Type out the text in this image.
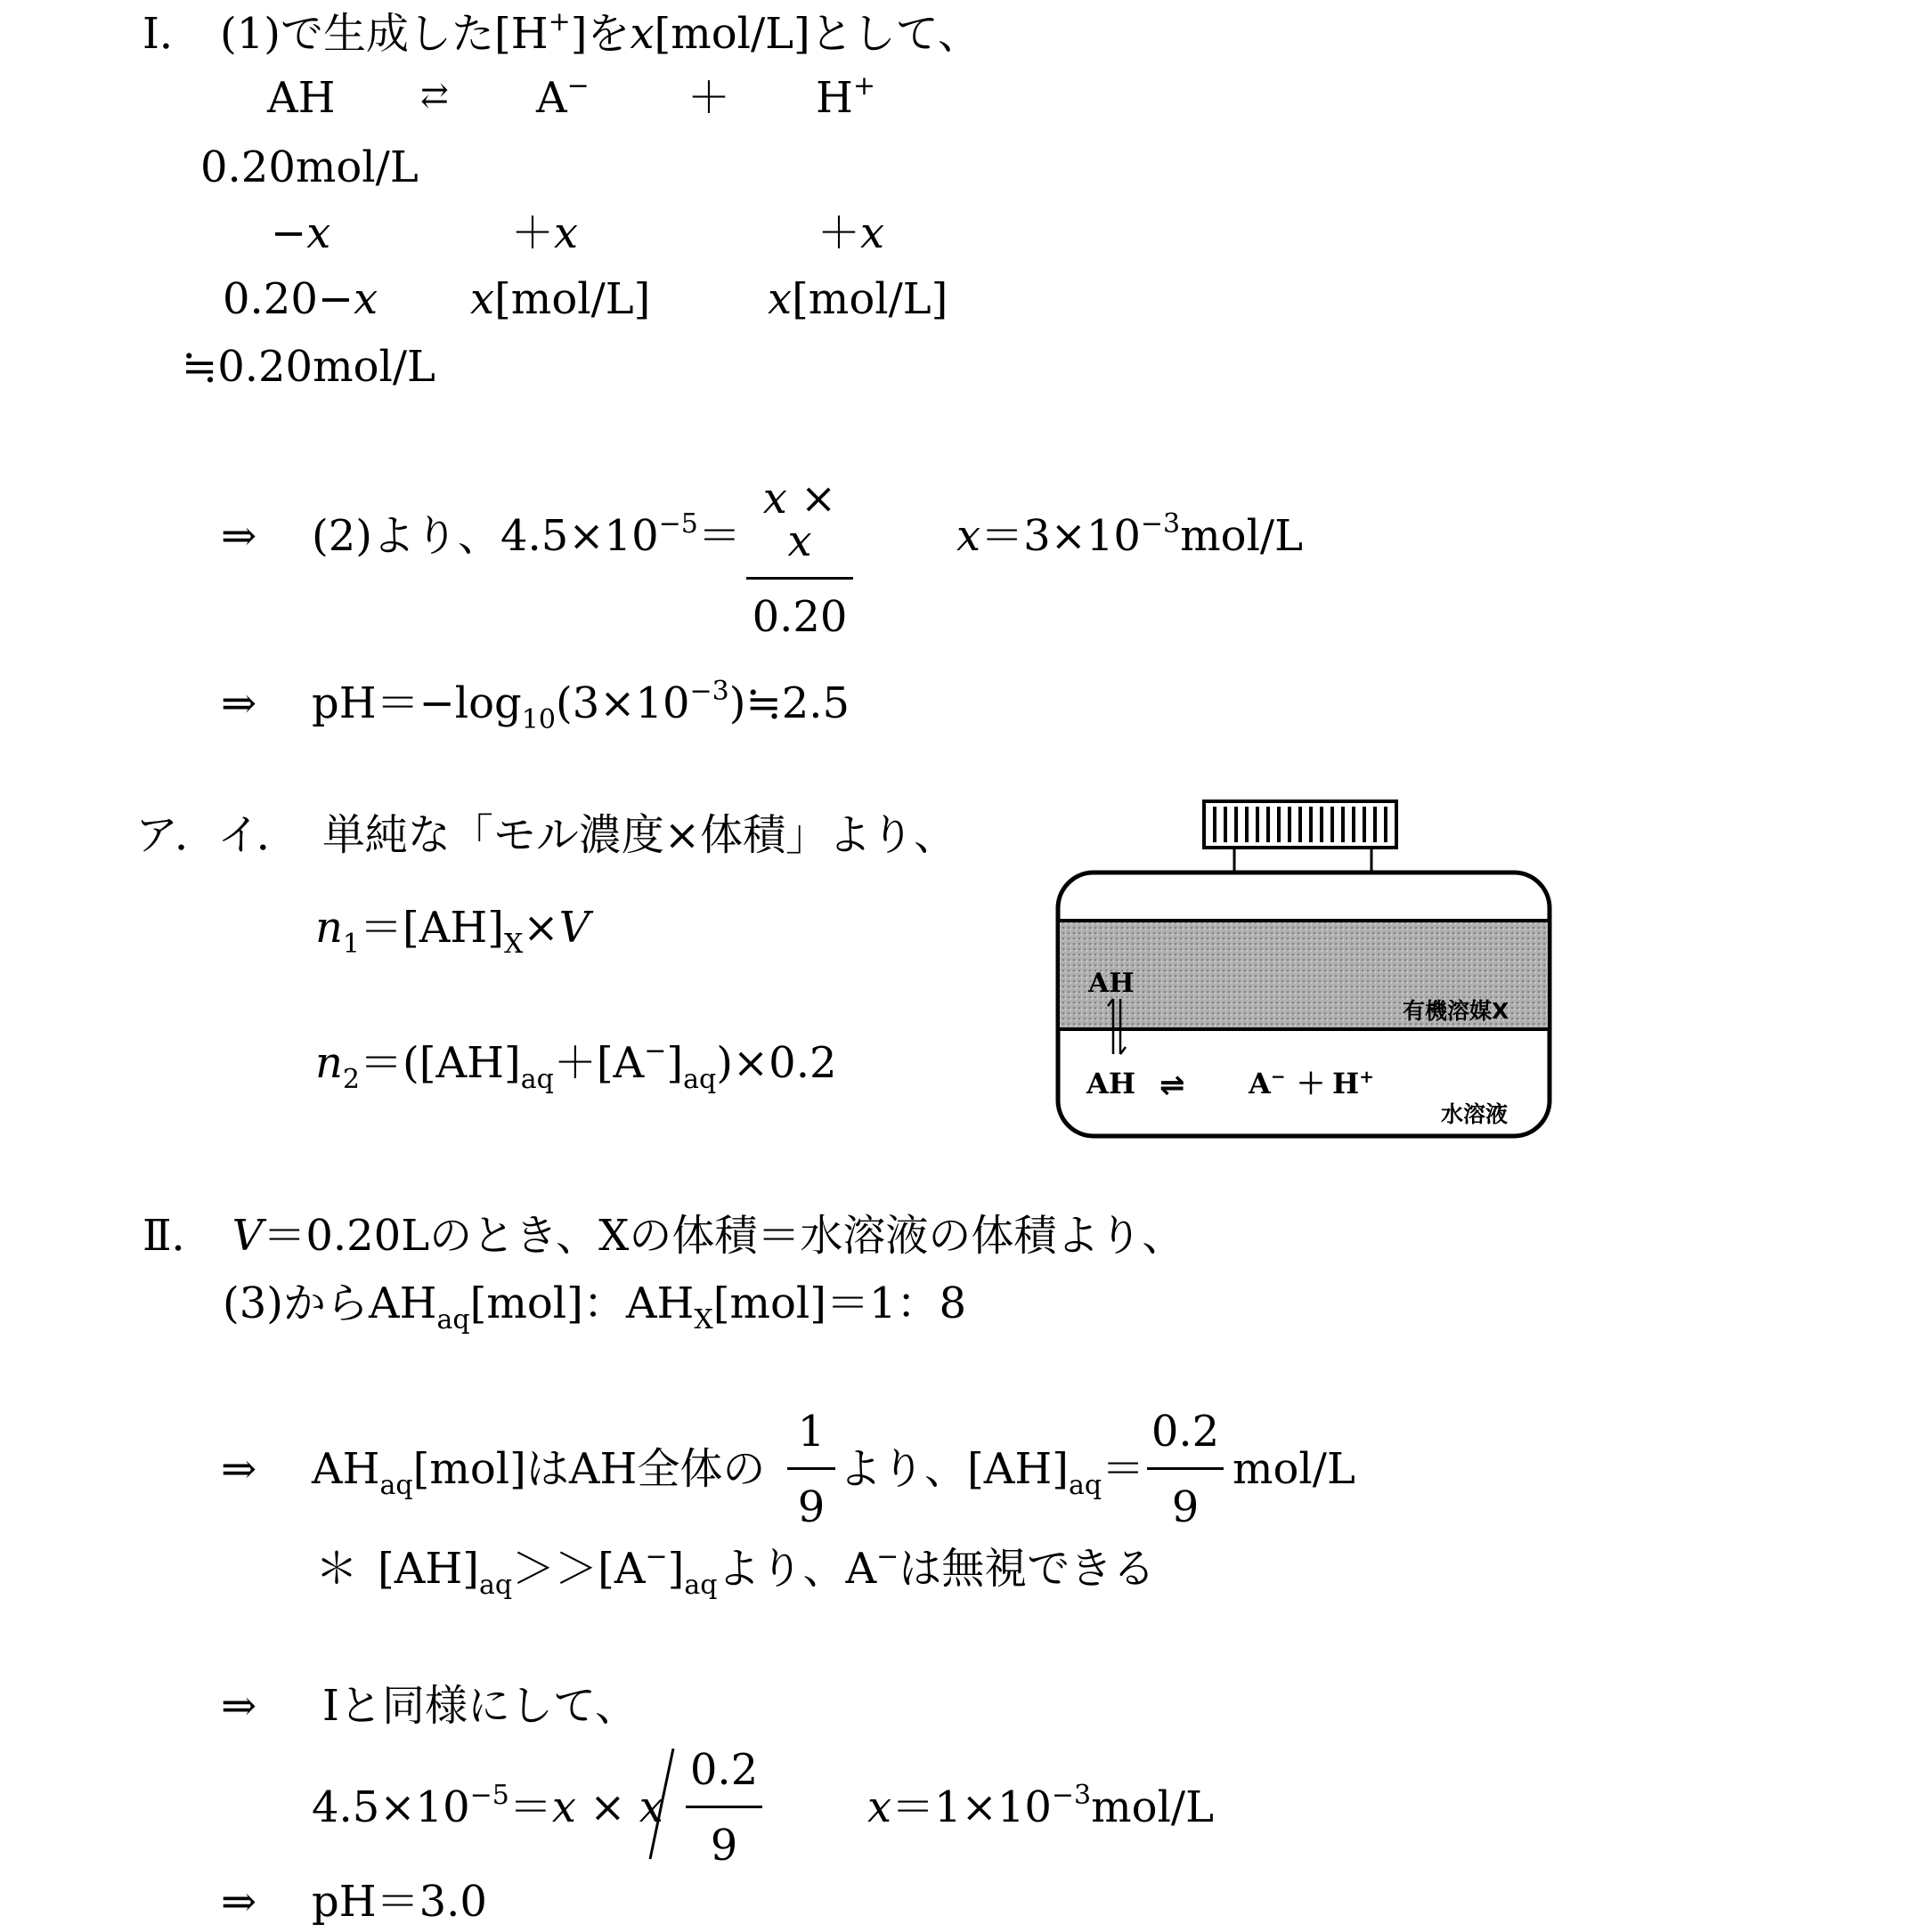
Ⅰ． (1)で生成した[H+]をx[mol/L]として、
AH	⇄ A− ＋ H+
0.20mol/L
−x	＋x	＋x
0.20−x x[mol/L]	x[mol/L]
≒0.20mol/L
⇒ (2)より、$4.5\times 10^{-5}=$
x × x
0.20
$x=3\times 10^{-3}mol/L$
⇒ $pH=-\log_{10}(3\times 10^{-3})≒2.5$
ア．イ． 単純な「モル濃度×体積」より、
$n_1=[AH]_X\times V$
$n_2=([AH]_{aq}+[A^-]_{aq})\times 0.2$
AH
有機溶媒X
AH ⇌ A− ＋ H+
水溶液
Ⅱ． V＝0.20Lのとき、Xの体積＝水溶液の体積より、
(3)から$AH_{aq}[mol]$：$AH_X[mol]=1$：8
⇒ $AH_{aq}[mol]$はAH全体の
1
9
より、$[AH]_{aq}=$
0.2
9
mol/L
＊ $[AH]_{aq}>>[A^-]_{aq}$より、A−は無視できる
⇒ Ⅰと同様にして、
$4.5\times 10^{-5}=x \times x$
0.2
9
$x=1\times 10^{-3}mol/L$
⇒ pH＝3.0
